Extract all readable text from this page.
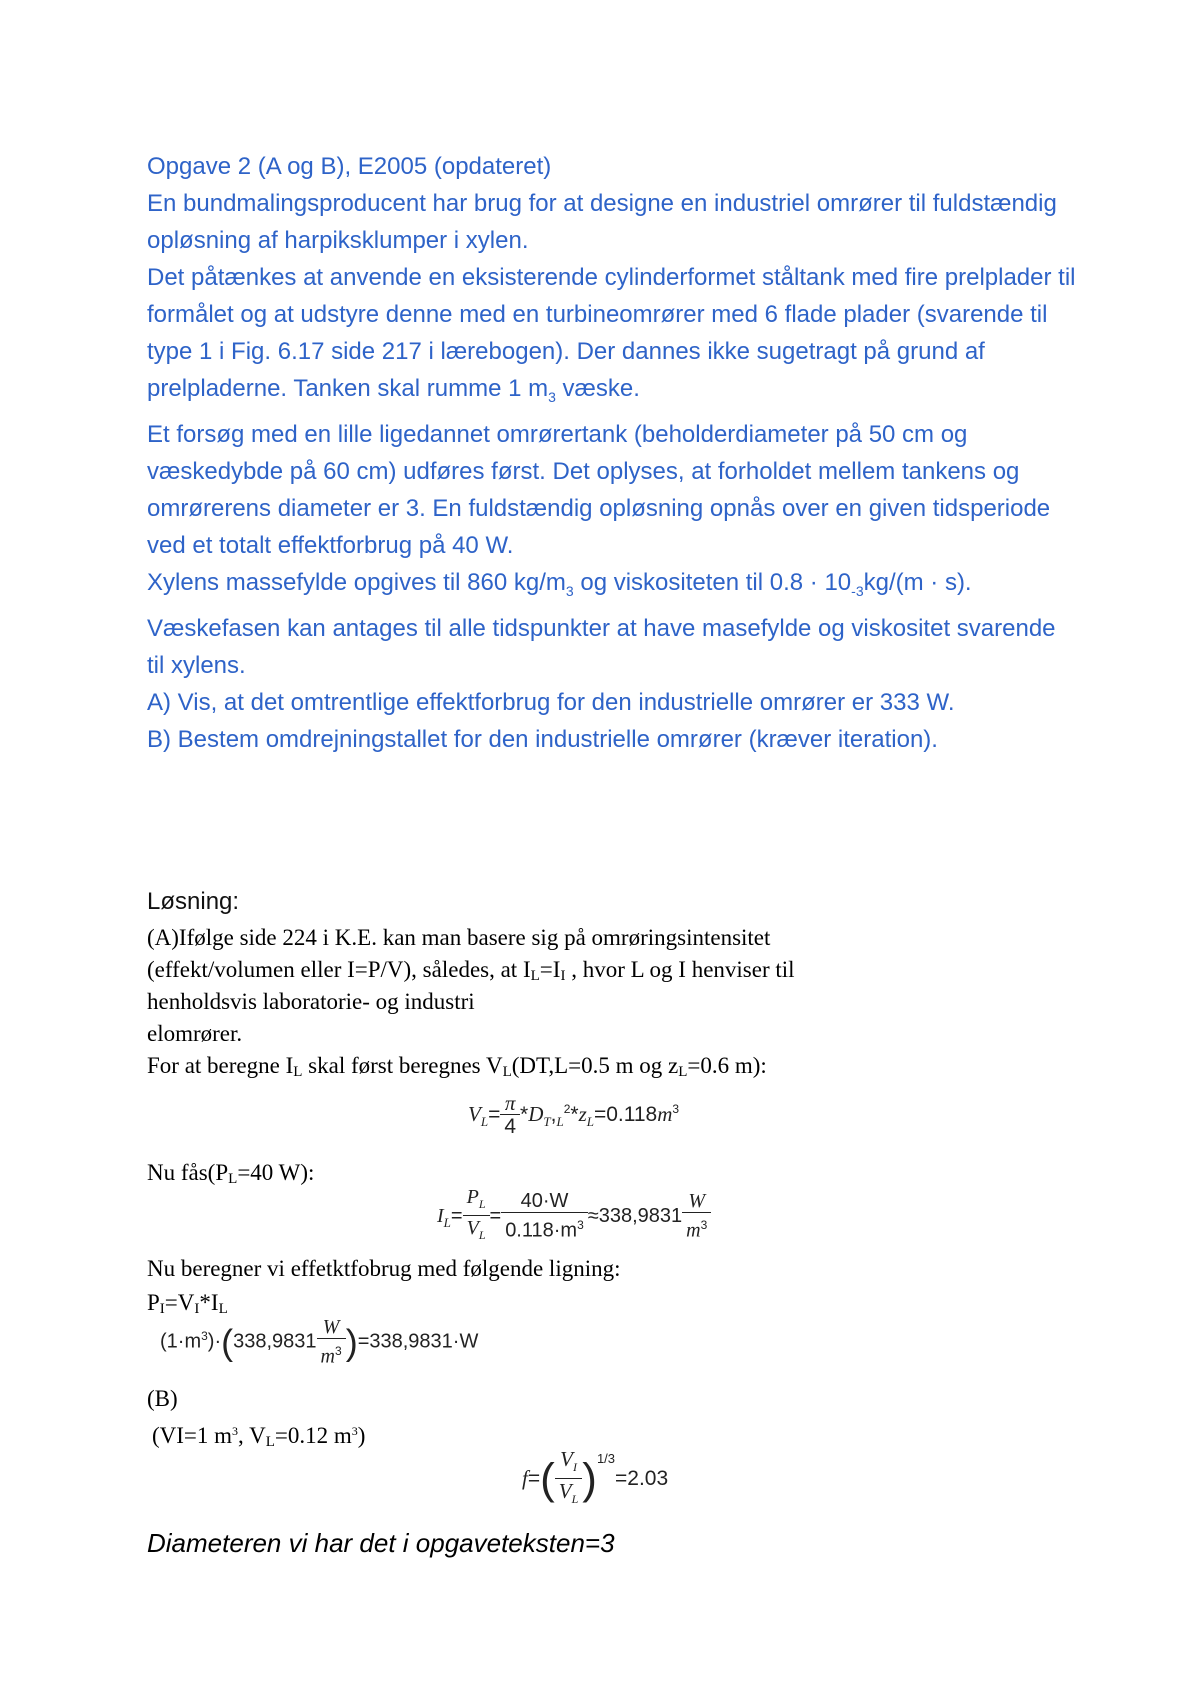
Opgave 2 (A og B), E2005 (opdateret)

En bundmalingsproducent har brug for at designe en industriel omrører til fuldstændig opløsning af harpiksklumper i xylen.

Det påtænkes at anvende en eksisterende cylinderformet ståltank med fire prelplader til formålet og at udstyre denne med en turbineomrører med 6 flade plader (svarende til type 1 i Fig. 6.17 side 217 i lærebogen). Der dannes ikke sugetragt på grund af prelpladerne. Tanken skal rumme 1 $m_3$ væske.

Et forsøg med en lille ligedannet omrørertank (beholderdiameter på 50 cm og væskedybde på 60 cm) udføres først. Det oplyses, at forholdet mellem tankens og omrørerens diameter er 3. En fuldstændig opløsning opnås over en given tidsperiode ved et totalt effektforbrug på 40 W.

Xylens massefylde opgives til 860 $kg/m_3$ og viskositeten til $0.8 \cdot 10_{-3}kg/(m \cdot s)$.

Væskefasen kan antages til alle tidspunkter at have masefylde og viskositet svarende til xylens.

A) Vis, at det omtrentlige effektforbrug for den industrielle omrører er 333 W.

B) Bestem omdrejningstallet for den industrielle omrører (kræver iteration).

Løsning:
(A)Ifølge side 224 i K.E. kan man basere sig på omrøringsintensitet
(effekt/volumen eller I=P/V), således, at $I_L=I_I$ , hvor L og I henviser til
henholdsvis laboratorie- og industri
elomrører.
For at beregne $I_L$ skal først beregnes $V_L(DT,L=0.5$ m og $z_L=0.6$ m):
$V_L= \frac{\pi}{4} *D_T,_L^2*z_L=0.118m^3$
Nu $fås(P_L=40$ W):
$I_L= \frac{P_L}{V_L} = \frac{40\cdot W}{0.118\cdot m^3} \approx 338,9831 \frac{W}{m^3}$
Nu beregner vi effetktfobrug med følgende ligning:
$P_I=V_I*I_L$
$(1\cdot m^3)\cdot(338,9831 \frac{W}{m^3} )=338,9831\cdot W$
(B)
(VI=1 $m^3$, $V_L=0.12$ $m^3$)
$f=( \frac{V_I}{V_L} )^{1/3}=2.03$
Diameteren vi har det i opgaveteksten=3
